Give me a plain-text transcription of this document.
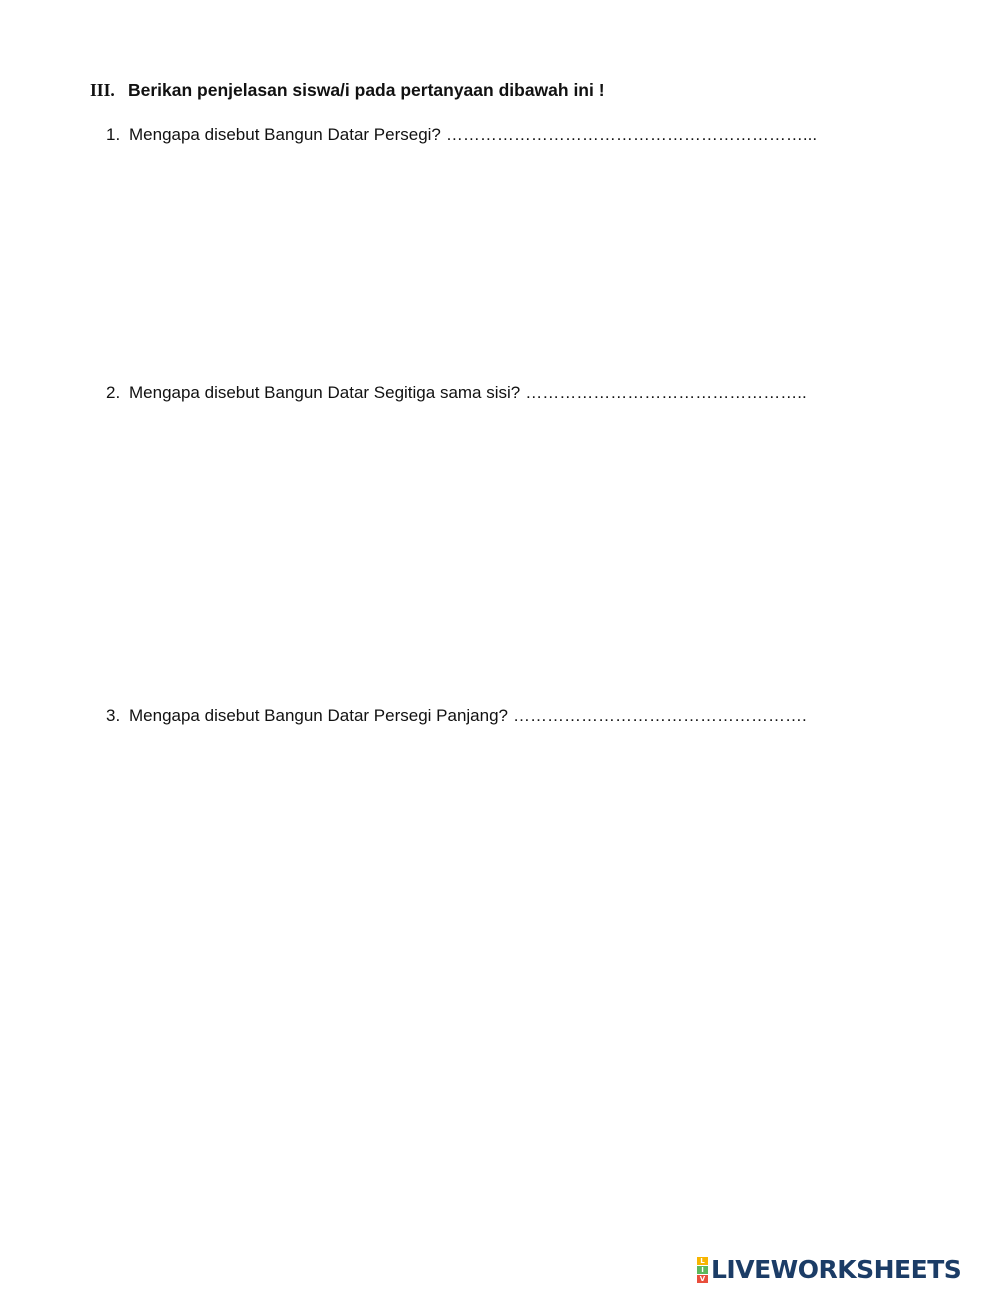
III. Berikan penjelasan siswa/i pada pertanyaan dibawah ini !
1. Mengapa disebut Bangun Datar Persegi? ………………………………………………………...
2. Mengapa disebut Bangun Datar Segitiga sama sisi? …………………………………………..
3. Mengapa disebut Bangun Datar Persegi Panjang? …………………………………………….
L
I
V LIVEWORKSHEETS
